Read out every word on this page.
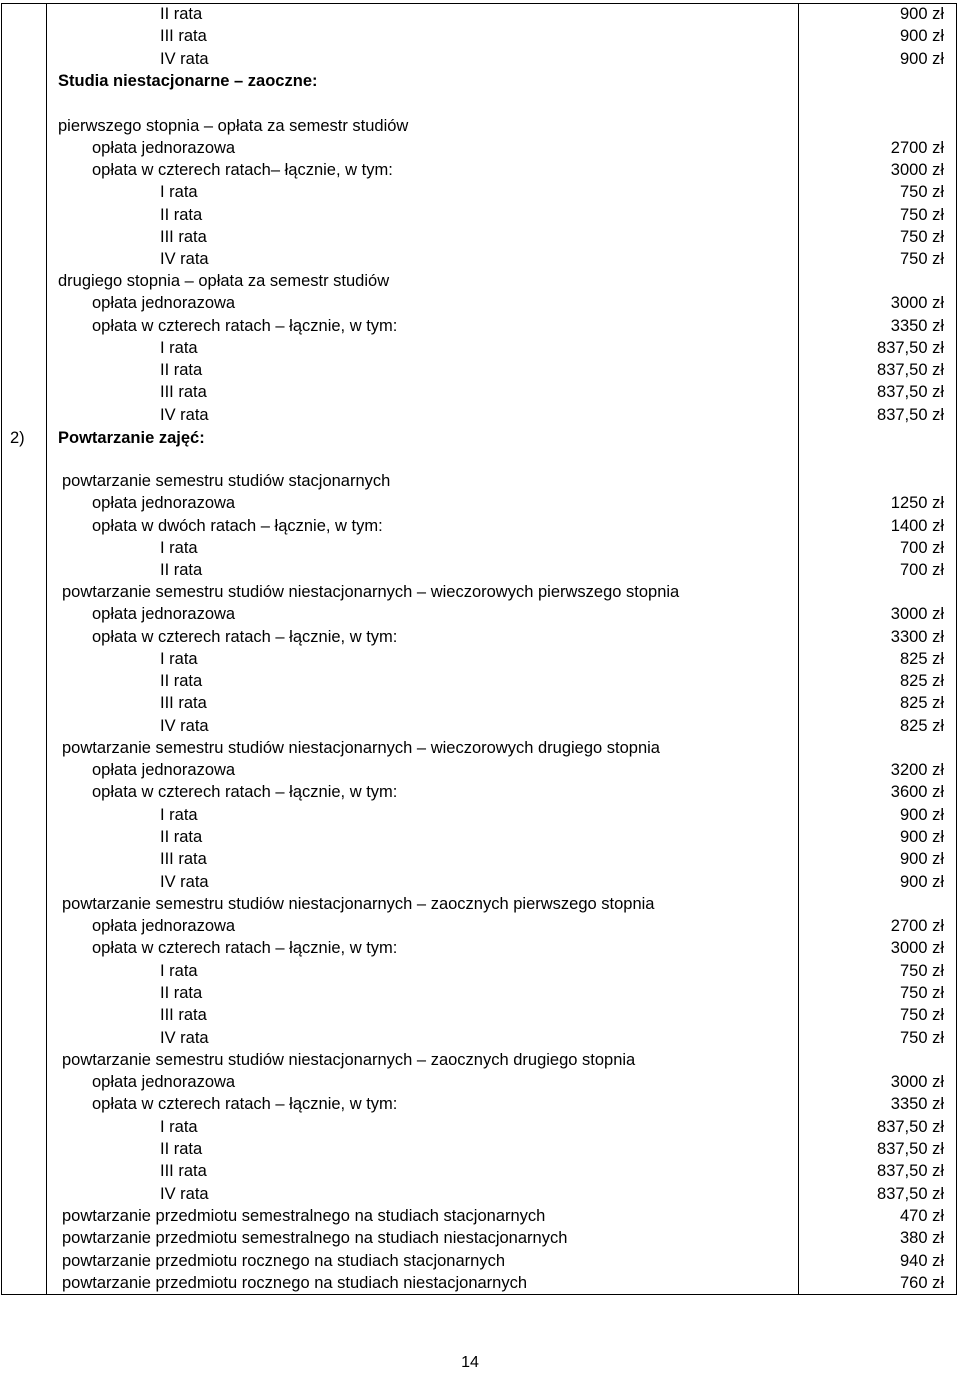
II rata	900 zł
III rata	900 zł
IV rata	900 zł
Studia niestacjonarne – zaoczne:
pierwszego stopnia – opłata za semestr studiów
opłata jednorazowa	2700 zł
opłata w czterech ratach– łącznie, w tym:	3000 zł
I rata	750 zł
II rata	750 zł
III rata	750 zł
IV rata	750 zł
drugiego stopnia – opłata za semestr studiów
opłata jednorazowa	3000 zł
opłata w czterech ratach – łącznie, w tym:	3350 zł
I rata	837,50 zł
II rata	837,50 zł
III rata	837,50 zł
IV rata	837,50 zł
2) Powtarzanie zajęć:
powtarzanie semestru studiów stacjonarnych
opłata jednorazowa	1250 zł
opłata w dwóch ratach – łącznie, w tym:	1400 zł
I rata	700 zł
II rata	700 zł
powtarzanie semestru studiów niestacjonarnych – wieczorowych pierwszego stopnia
opłata jednorazowa	3000 zł
opłata w czterech ratach – łącznie, w tym:	3300 zł
I rata	825 zł
II rata	825 zł
III rata	825 zł
IV rata	825 zł
powtarzanie semestru studiów niestacjonarnych – wieczorowych drugiego stopnia
opłata jednorazowa	3200 zł
opłata w czterech ratach – łącznie, w tym:	3600 zł
I rata	900 zł
II rata	900 zł
III rata	900 zł
IV rata	900 zł
powtarzanie semestru studiów niestacjonarnych – zaocznych pierwszego stopnia
opłata jednorazowa	2700 zł
opłata w czterech ratach – łącznie, w tym:	3000 zł
I rata	750 zł
II rata	750 zł
III rata	750 zł
IV rata	750 zł
powtarzanie semestru studiów niestacjonarnych – zaocznych drugiego stopnia
opłata jednorazowa	3000 zł
opłata w czterech ratach – łącznie, w tym:	3350 zł
I rata	837,50 zł
II rata	837,50 zł
III rata	837,50 zł
IV rata	837,50 zł
powtarzanie przedmiotu semestralnego na studiach stacjonarnych	470 zł
powtarzanie przedmiotu semestralnego na studiach niestacjonarnych	380 zł
powtarzanie przedmiotu rocznego na studiach stacjonarnych	940 zł
powtarzanie przedmiotu rocznego na studiach niestacjonarnych	760 zł
14
